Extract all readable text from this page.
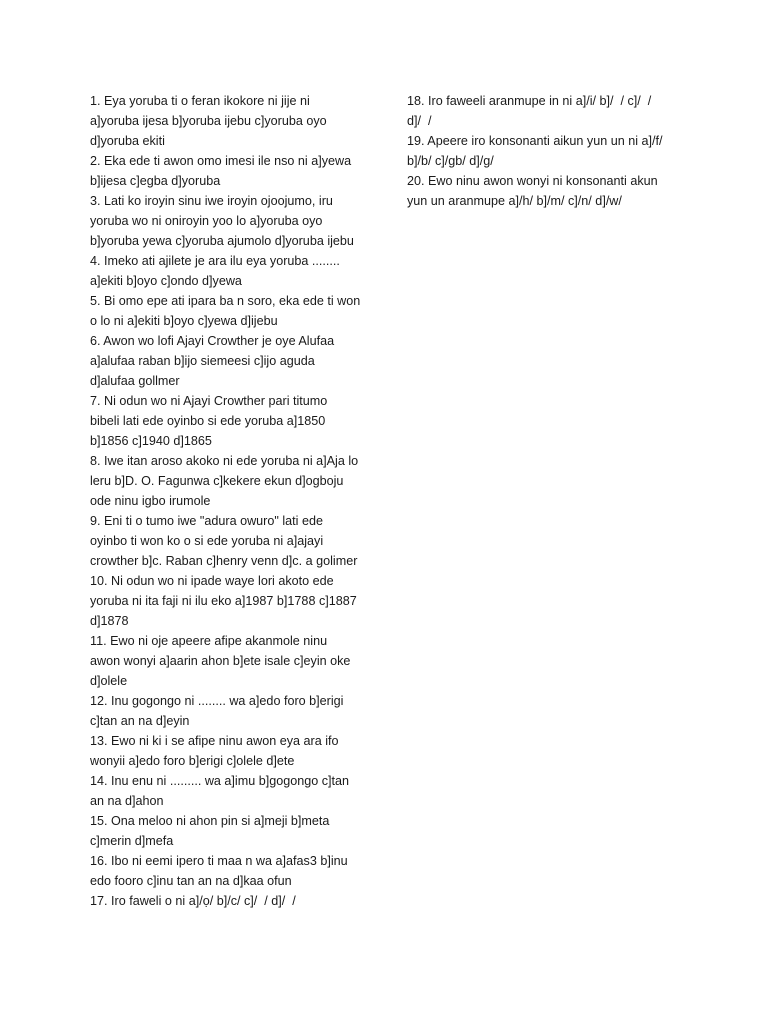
1. Eya yoruba ti o feran ikokore ni jije ni
a]yoruba ijesa b]yoruba ijebu c]yoruba oyo
d]yoruba ekiti
2. Eka ede ti awon omo imesi ile nso ni a]yewa
b]ijesa c]egba d]yoruba
3. Lati ko iroyin sinu iwe iroyin ojoojumo, iru
yoruba wo ni oniroyin yoo lo a]yoruba oyo
b]yoruba yewa c]yoruba ajumolo d]yoruba ijebu
4. Imeko ati ajilete je ara ilu eya yoruba ........
a]ekiti b]oyo c]ondo d]yewa
5. Bi omo epe ati ipara ba n soro, eka ede ti won
o lo ni a]ekiti b]oyo c]yewa d]ijebu
6. Awon wo lofi Ajayi Crowther je oye Alufaa
a]alufaa raban b]ijo siemeesi c]ijo aguda
d]alufaa gollmer
7. Ni odun wo ni Ajayi Crowther pari titumo
bibeli lati ede oyinbo si ede yoruba a]1850
b]1856 c]1940 d]1865
8. Iwe itan aroso akoko ni ede yoruba ni a]Aja lo
leru b]D. O. Fagunwa c]kekere ekun d]ogboju
ode ninu igbo irumole
9. Eni ti o tumo iwe "adura owuro" lati ede
oyinbo ti won ko o si ede yoruba ni a]ajayi
crowther b]c. Raban c]henry venn d]c. a golimer
10. Ni odun wo ni ipade waye lori akoto ede
yoruba ni ita faji ni ilu eko a]1987 b]1788 c]1887
d]1878
11. Ewo ni oje apeere afipe akanmole ninu
awon wonyi a]aarin ahon b]ete isale c]eyin oke
d]olele
12. Inu gogongo ni ........ wa a]edo foro b]erigi
c]tan an na d]eyin
13. Ewo ni ki i se afipe ninu awon eya ara ifo
wonyii a]edo foro b]erigi c]olele d]ete
14. Inu enu ni ......... wa a]imu b]gogongo c]tan
an na d]ahon
15. Ona meloo ni ahon pin si a]meji b]meta
c]merin d]mefa
16. Ibo ni eemi ipero ti maa n wa a]afas3 b]inu
edo fooro c]inu tan an na d]kaa ofun
17. Iro faweli o ni a]/ọ/ b]/c/ c]/  / d]/  /
18. Iro faweeli aranmupe in ni a]/i/ b]/  / c]/  /
d]/  /
19. Apeere iro konsonanti aikun yun un ni a]/f/
b]/b/ c]/gb/ d]/g/
20. Ewo ninu awon wonyi ni konsonanti akun
yun un aranmupe a]/h/ b]/m/ c]/n/ d]/w/
